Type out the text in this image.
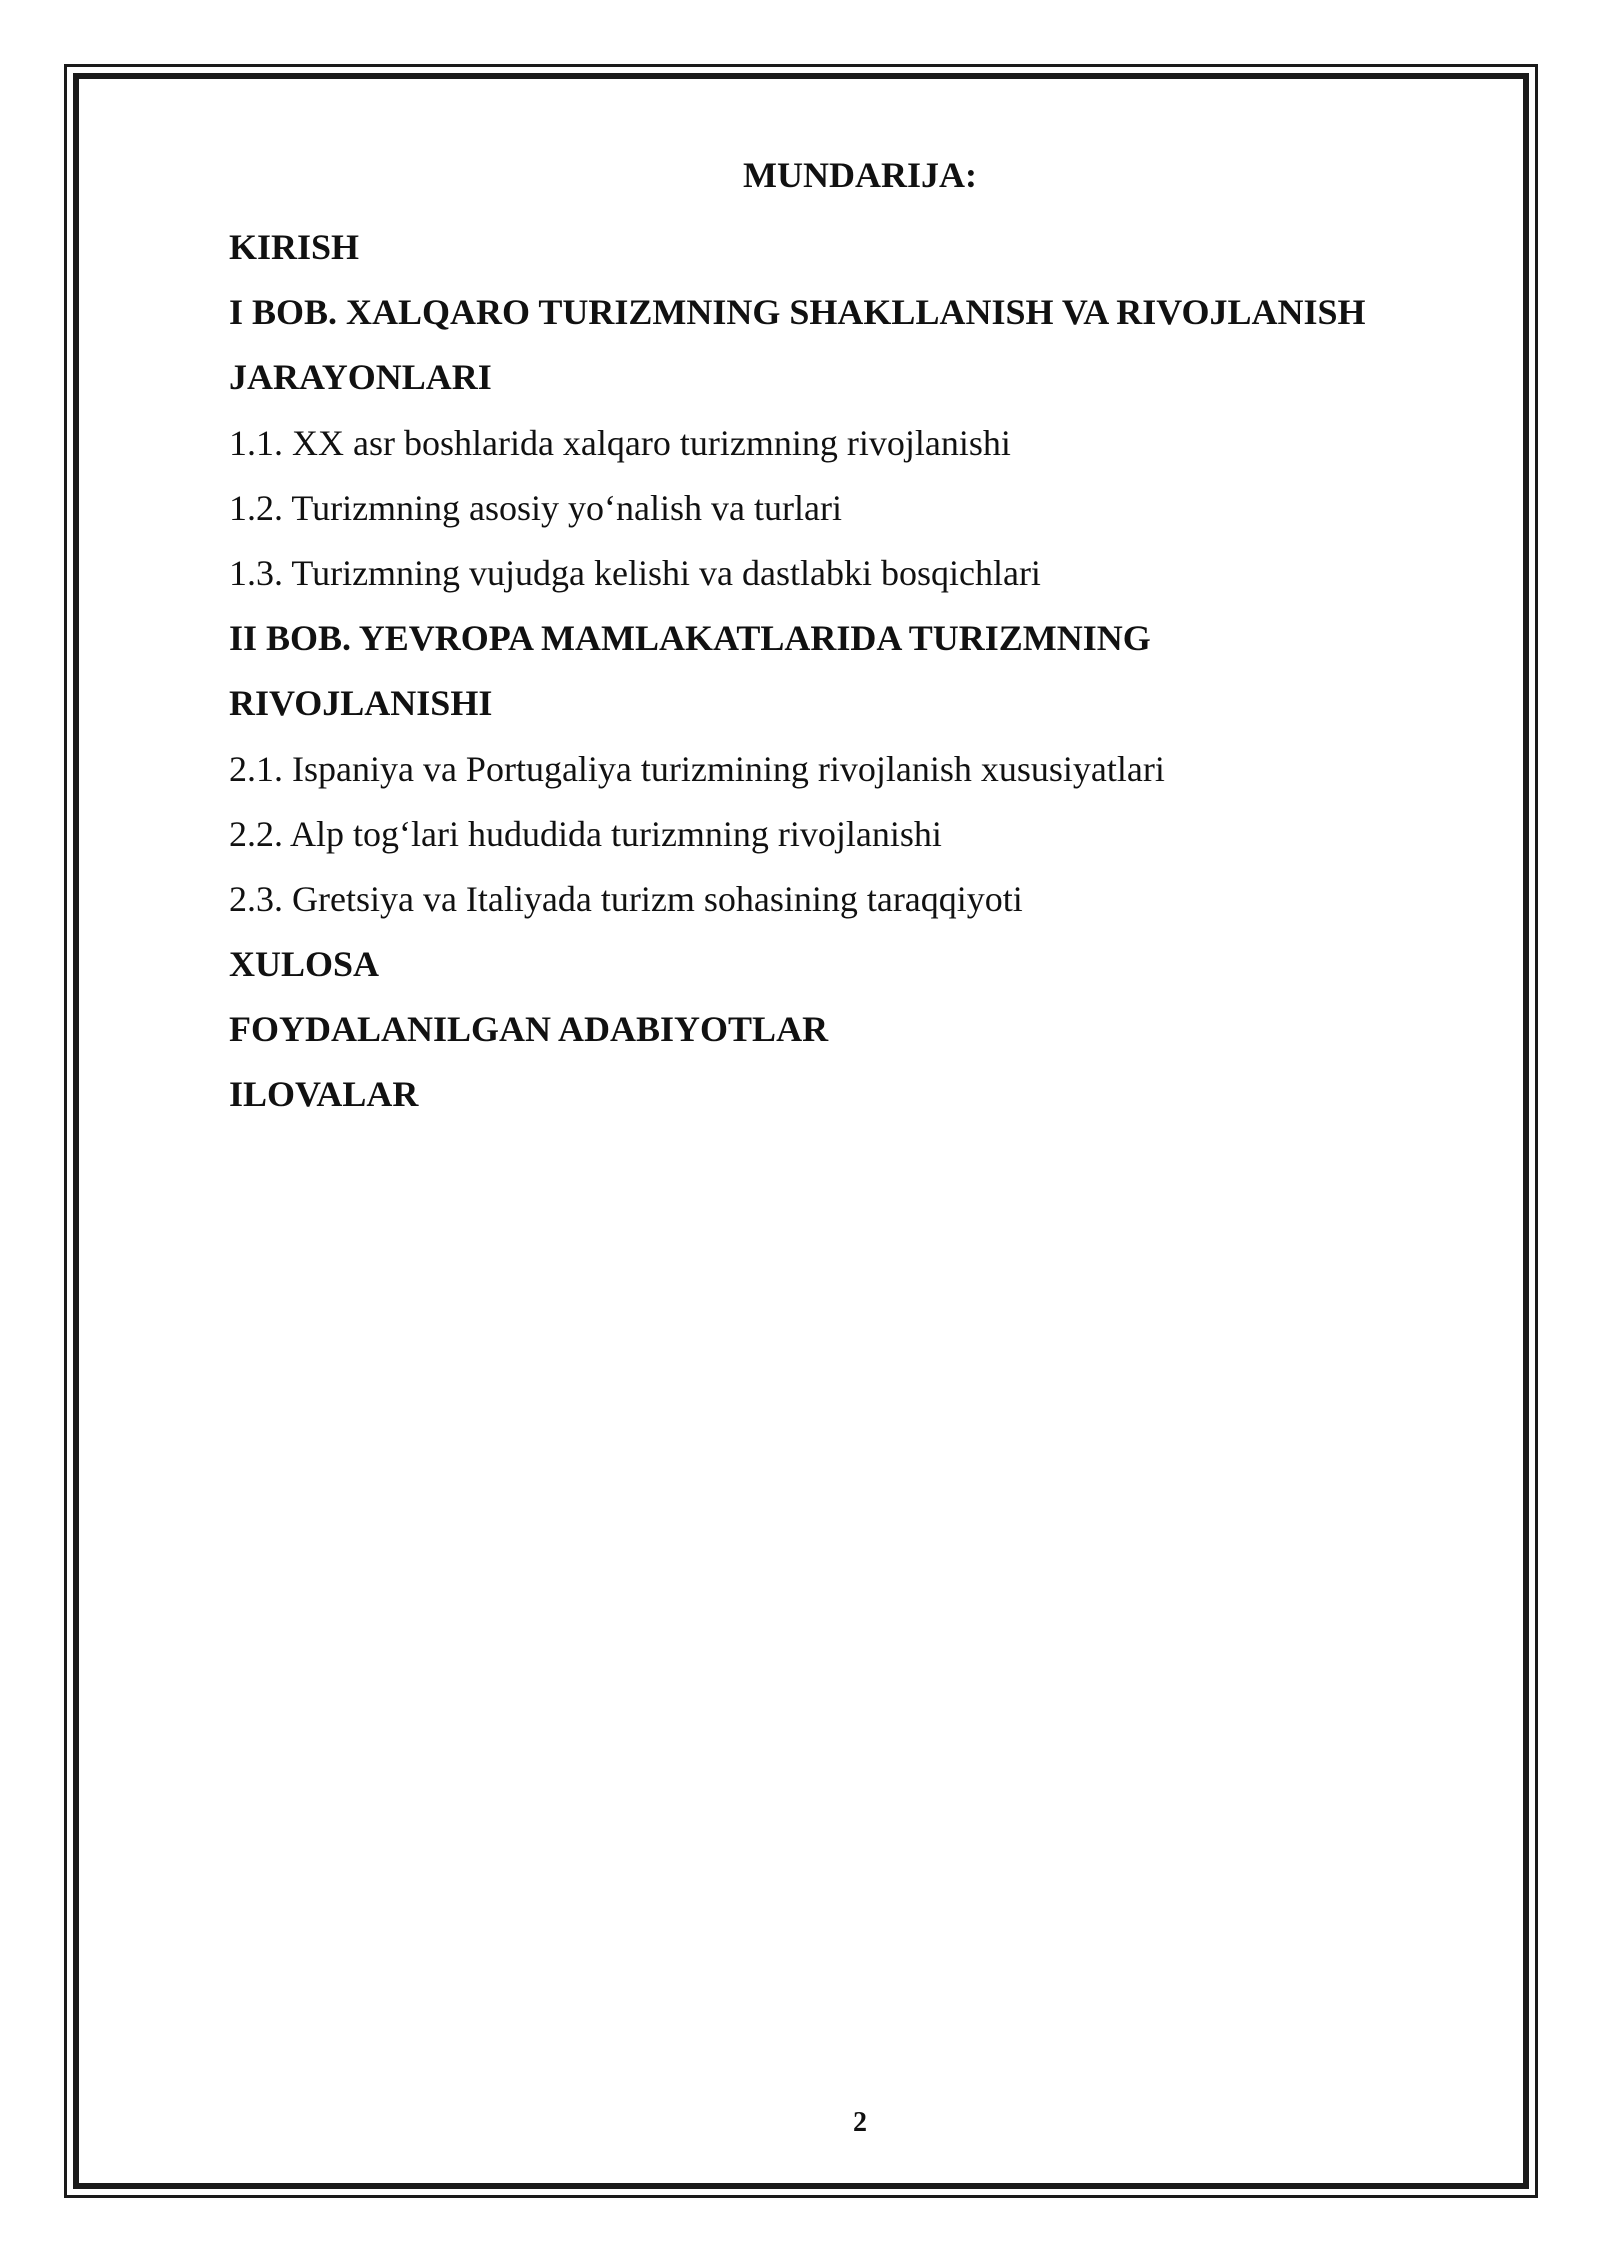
MUNDARIJA:
KIRISH
I BOB. XALQARO TURIZMNING SHAKLLANISH VA RIVOJLANISH
JARAYONLARI
1.1. XX asr boshlarida xalqaro turizmning rivojlanishi
1.2. Turizmning asosiy yo‘nalish va turlari
1.3. Turizmning vujudga kelishi va dastlabki bosqichlari
II BOB. YEVROPA MAMLAKATLARIDA TURIZMNING
RIVOJLANISHI
2.1. Ispaniya va Portugaliya turizmining rivojlanish xususiyatlari
2.2. Alp tog‘lari hududida turizmning rivojlanishi
2.3. Gretsiya va Italiyada turizm sohasining taraqqiyoti
XULOSA
FOYDALANILGAN ADABIYOTLAR
ILOVALAR
2
